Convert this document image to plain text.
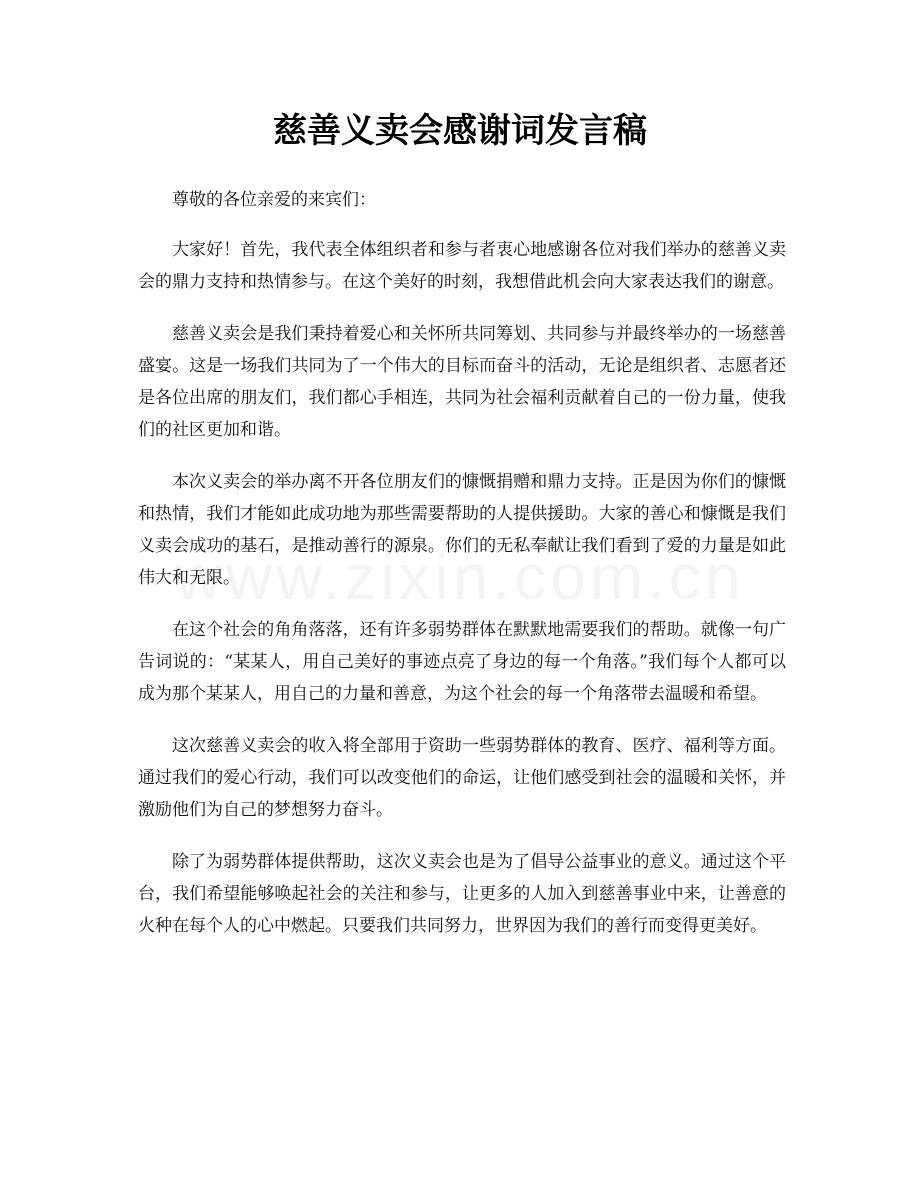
慈善义卖会感谢词发言稿

尊敬的各位亲爱的来宾们：

大家好！首先，我代表全体组织者和参与者衷心地感谢各位对我们举办的慈善义卖会的鼎力支持和热情参与。在这个美好的时刻，我想借此机会向大家表达我们的谢意。

慈善义卖会是我们秉持着爱心和关怀所共同筹划、共同参与并最终举办的一场慈善盛宴。这是一场我们共同为了一个伟大的目标而奋斗的活动，无论是组织者、志愿者还是各位出席的朋友们，我们都心手相连，共同为社会福利贡献着自己的一份力量，使我们的社区更加和谐。

本次义卖会的举办离不开各位朋友们的慷慨捐赠和鼎力支持。正是因为你们的慷慨和热情，我们才能如此成功地为那些需要帮助的人提供援助。大家的善心和慷慨是我们义卖会成功的基石，是推动善行的源泉。你们的无私奉献让我们看到了爱的力量是如此伟大和无限。

在这个社会的角角落落，还有许多弱势群体在默默地需要我们的帮助。就像一句广告词说的：“某某人，用自己美好的事迹点亮了身边的每一个角落。”我们每个人都可以成为那个某某人，用自己的力量和善意，为这个社会的每一个角落带去温暖和希望。

这次慈善义卖会的收入将全部用于资助一些弱势群体的教育、医疗、福利等方面。通过我们的爱心行动，我们可以改变他们的命运，让他们感受到社会的温暖和关怀，并激励他们为自己的梦想努力奋斗。

除了为弱势群体提供帮助，这次义卖会也是为了倡导公益事业的意义。通过这个平台，我们希望能够唤起社会的关注和参与，让更多的人加入到慈善事业中来，让善意的火种在每个人的心中燃起。只要我们共同努力，世界因为我们的善行而变得更美好。
